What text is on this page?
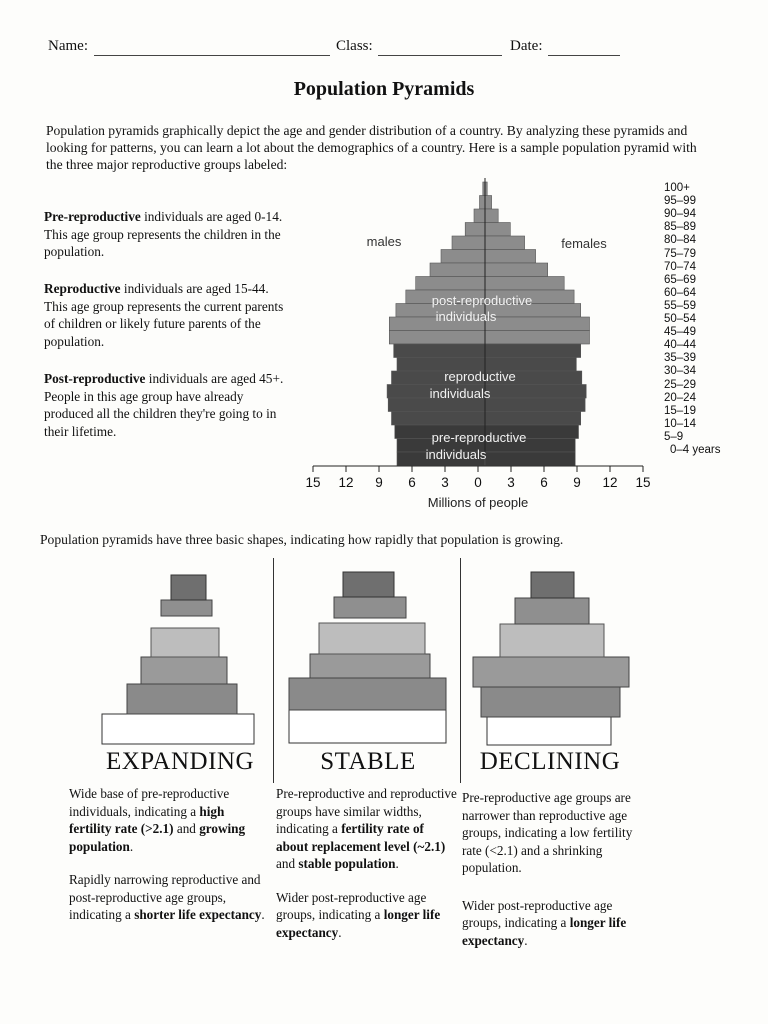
Name:	Class:	Date:
Population Pyramids
Population pyramids graphically depict the age and gender distribution of a country. By analyzing these pyramids and looking for patterns, you can learn a lot about the demographics of a country. Here is a sample population pyramid with the three major reproductive groups labeled:
Pre-reproductive individuals are aged 0-14. This age group represents the children in the population.
Reproductive individuals are aged 15-44. This age group represents the current parents of children or likely future parents of the population.
Post-reproductive individuals are aged 45+. People in this age group have already produced all the children they're going to in their lifetime.
males	females
post-reproductive
individuals
reproductive
individuals
pre-reproductive
individuals
Millions of people
15 12 9 6 3 0 3 6 9 12 15
100+
95–99
90–94
85–89
80–84
75–79
70–74
65–69
60–64
55–59
50–54
45–49
40–44
35–39
30–34
25–29
20–24
15–19
10–14
5–9
0–4 years
Population pyramids have three basic shapes, indicating how rapidly that population is growing.
EXPANDING	STABLE	DECLINING

Wide base of pre-reproductive individuals, indicating a high fertility rate (>2.1) and growing population.

Rapidly narrowing reproductive and post-reproductive age groups, indicating a shorter life expectancy.

Pre-reproductive and reproductive groups have similar widths, indicating a fertility rate of about replacement level (~2.1) and stable population.

Wider post-reproductive age groups, indicating a longer life expectancy.

Pre-reproductive age groups are narrower than reproductive age groups, indicating a low fertility rate (<2.1) and a shrinking population.

Wider post-reproductive age groups, indicating a longer life expectancy.
